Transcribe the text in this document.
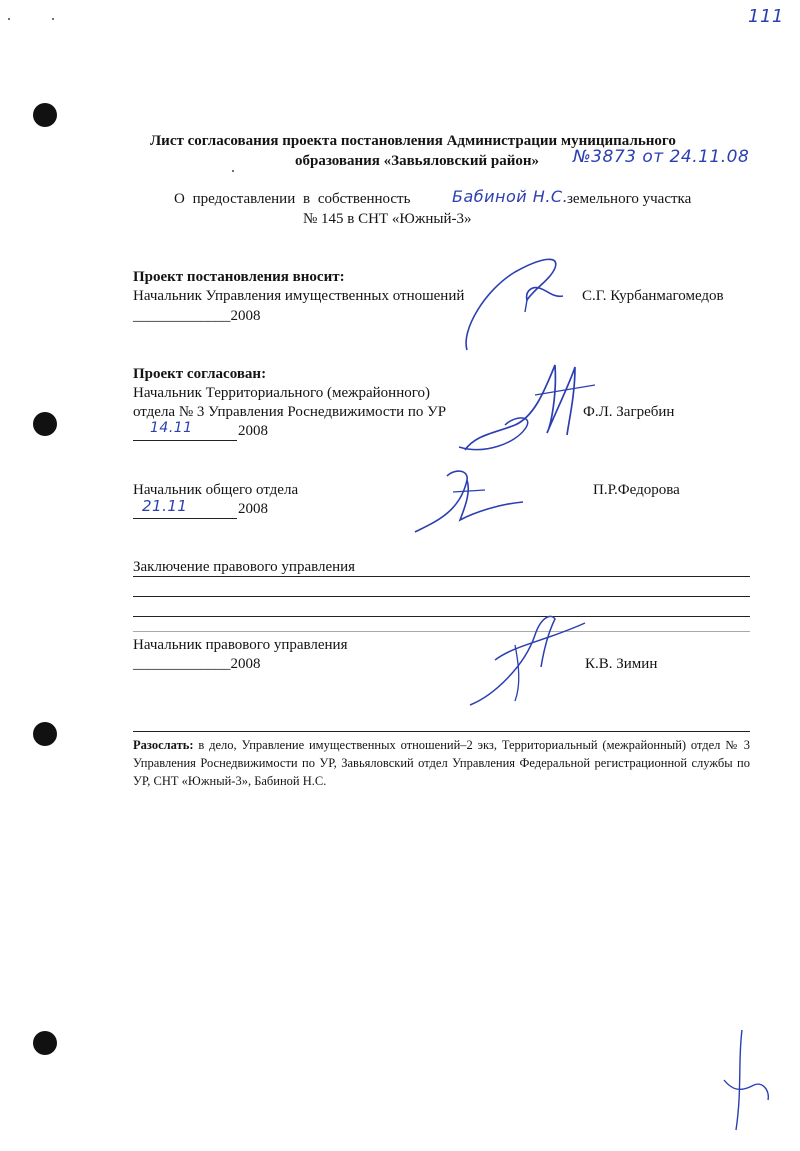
111
Лист согласования проекта постановления Администрации муниципального
образования «Завьяловский район» №3873 от 24.11.08
О предоставлении в собственность	Бабиной Н.С.
земельного участка
№ 145 в СНТ «Южный-3»
Проект постановления вносит:
Начальник Управления имущественных отношений	С.Г. Курбанмагомедов
_____________2008
Проект согласован:
Начальник Территориального (межрайонного)
отдела № 3 Управления Роснедвижимости по УР	Ф.Л. Загребин
14.11	2008
Начальник общего отдела	П.Р.Федорова
21.11	2008
Заключение правового управления
Начальник правового управления
_____________2008	К.В. Зимин
Разослать: в дело, Управление имущественных отношений–2 экз, Территориальный (межрайонный) отдел № 3 Управления Роснедвижимости по УР, Завьяловский отдел Управления Федеральной регистрационной службы по УР, СНТ «Южный-3», Бабиной Н.С.
